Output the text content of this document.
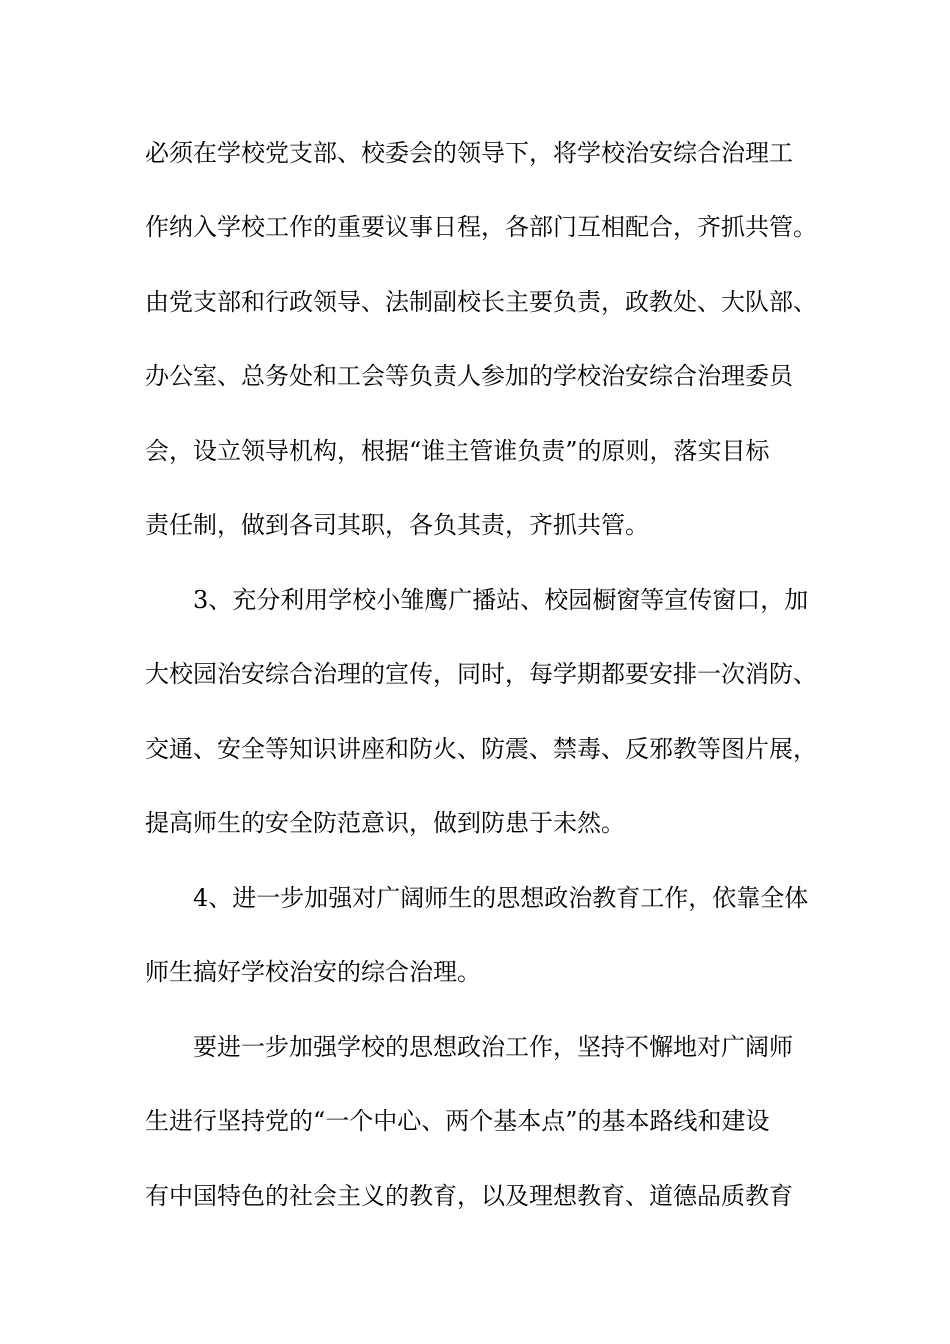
必须在学校党支部、校委会的领导下，将学校治安综合治理工
作纳入学校工作的重要议事日程，各部门互相配合，齐抓共管。
由党支部和行政领导、法制副校长主要负责，政教处、大队部、
办公室、总务处和工会等负责人参加的学校治安综合治理委员
会，设立领导机构，根据“谁主管谁负责”的原则，落实目标
责任制，做到各司其职，各负其责，齐抓共管。
3、充分利用学校小雏鹰广播站、校园橱窗等宣传窗口，加
大校园治安综合治理的宣传，同时，每学期都要安排一次消防、
交通、安全等知识讲座和防火、防震、禁毒、反邪教等图片展，
提高师生的安全防范意识，做到防患于未然。
4、进一步加强对广阔师生的思想政治教育工作，依靠全体
师生搞好学校治安的综合治理。
要进一步加强学校的思想政治工作，坚持不懈地对广阔师
生进行坚持党的“一个中心、两个基本点”的基本路线和建设
有中国特色的社会主义的教育，以及理想教育、道德品质教育
